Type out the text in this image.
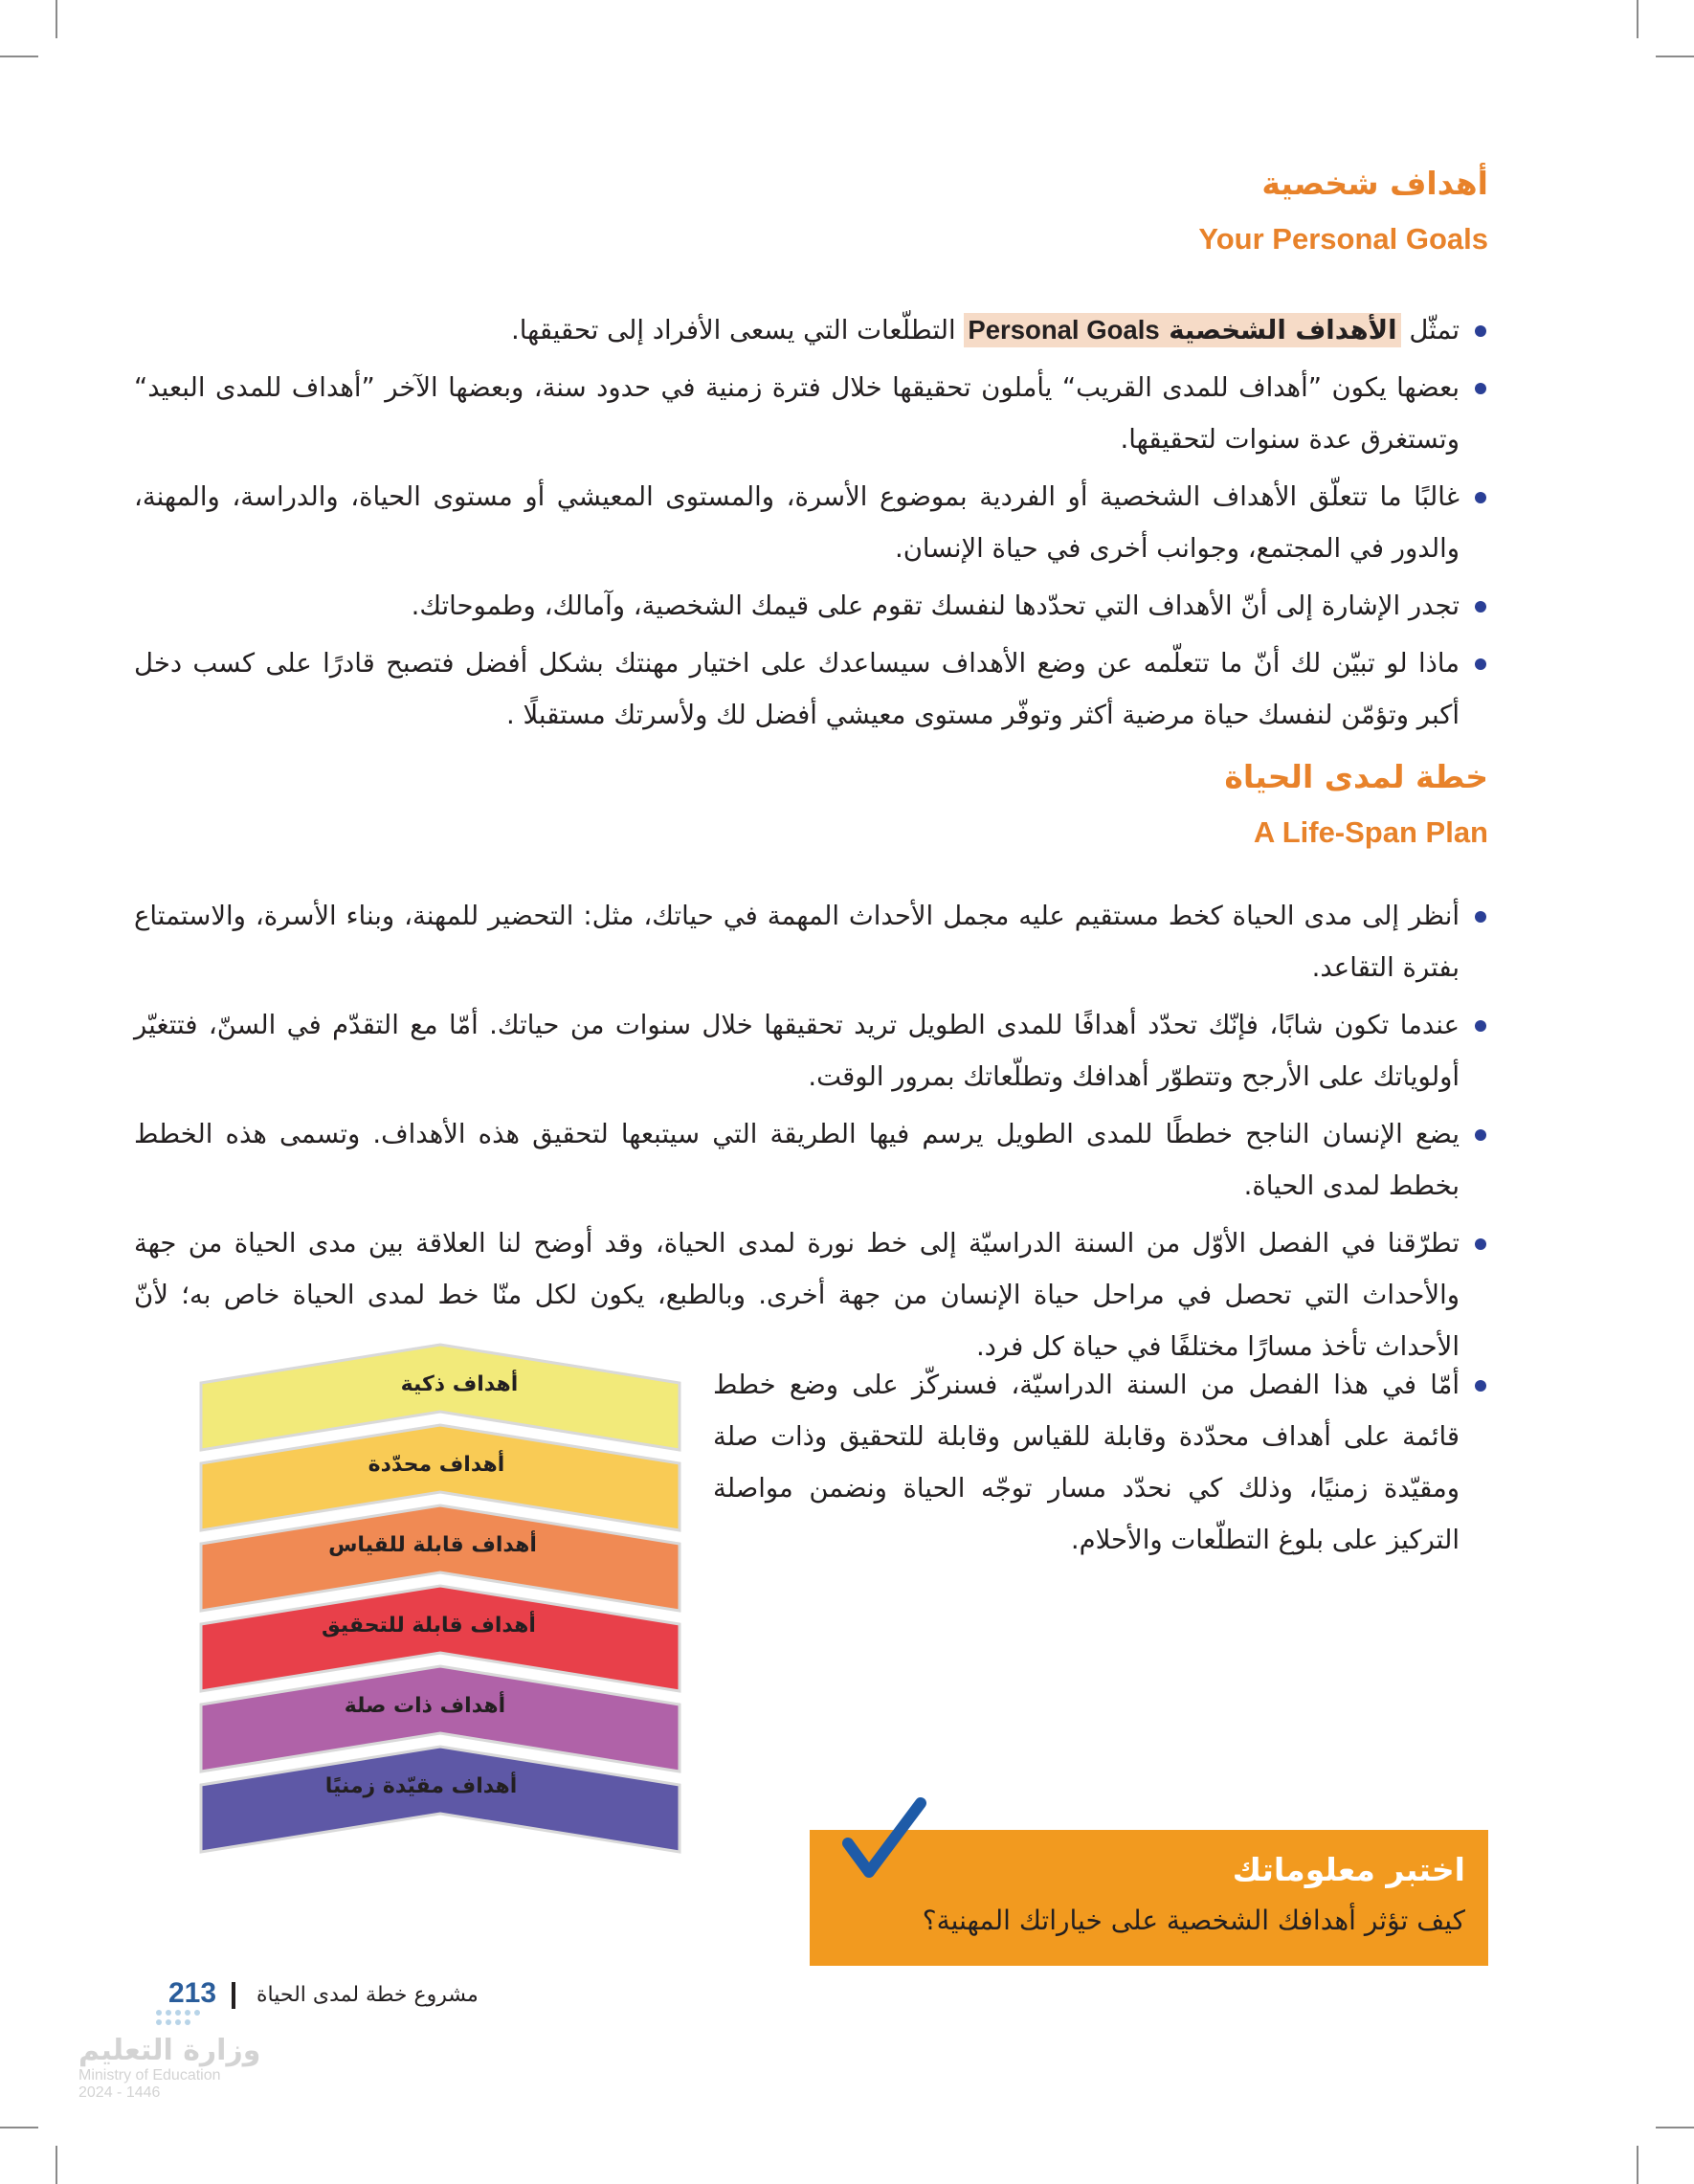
أهداف شخصية
Your Personal Goals

تمثّل الأهداف الشخصية Personal Goals التطلّعات التي يسعى الأفراد إلى تحقيقها.

بعضها يكون ”أهداف للمدى القريب“ يأملون تحقيقها خلال فترة زمنية في حدود سنة، وبعضها الآخر ”أهداف للمدى البعيد“ وتستغرق عدة سنوات لتحقيقها.

غالبًا ما تتعلّق الأهداف الشخصية أو الفردية بموضوع الأسرة، والمستوى المعيشي أو مستوى الحياة، والدراسة، والمهنة، والدور في المجتمع، وجوانب أخرى في حياة الإنسان.

تجدر الإشارة إلى أنّ الأهداف التي تحدّدها لنفسك تقوم على قيمك الشخصية، وآمالك، وطموحاتك.

ماذا لو تبيّن لك أنّ ما تتعلّمه عن وضع الأهداف سيساعدك على اختيار مهنتك بشكل أفضل فتصبح قادرًا على كسب دخل أكبر وتؤمّن لنفسك حياة مرضية أكثر وتوفّر مستوى معيشي أفضل لك ولأسرتك مستقبلًا .

خطة لمدى الحياة
A Life-Span Plan

أنظر إلى مدى الحياة كخط مستقيم عليه مجمل الأحداث المهمة في حياتك، مثل: التحضير للمهنة، وبناء الأسرة، والاستمتاع بفترة التقاعد.

عندما تكون شابًا، فإنّك تحدّد أهدافًا للمدى الطويل تريد تحقيقها خلال سنوات من حياتك. أمّا مع التقدّم في السنّ، فتتغيّر أولوياتك على الأرجح وتتطوّر أهدافك وتطلّعاتك بمرور الوقت.

يضع الإنسان الناجح خططًا للمدى الطويل يرسم فيها الطريقة التي سيتبعها لتحقيق هذه الأهداف. وتسمى هذه الخطط بخطط لمدى الحياة.

تطرّقنا في الفصل الأوّل من السنة الدراسيّة إلى خط نورة لمدى الحياة، وقد أوضح لنا العلاقة بين مدى الحياة من جهة والأحداث التي تحصل في مراحل حياة الإنسان من جهة أخرى. وبالطبع، يكون لكل منّا خط لمدى الحياة خاص به؛ لأنّ الأحداث تأخذ مسارًا مختلفًا في حياة كل فرد.

أمّا في هذا الفصل من السنة الدراسيّة، فسنركّز على وضع خطط قائمة على أهداف محدّدة وقابلة للقياس وقابلة للتحقيق وذات صلة ومقيّدة زمنيًا، وذلك كي نحدّد مسار توجّه الحياة ونضمن مواصلة التركيز على بلوغ التطلّعات والأحلام.

أهداف ذكية
أهداف محدّدة
أهداف قابلة للقياس
أهداف قابلة للتحقيق
أهداف ذات صلة
أهداف مقيّدة زمنيًا
اختبر معلوماتك
كيف تؤثر أهدافك الشخصية على خياراتك المهنية؟
مشروع خطة لمدى الحياة
213
وزارة التعليم
Ministry of Education
2024 - 1446
